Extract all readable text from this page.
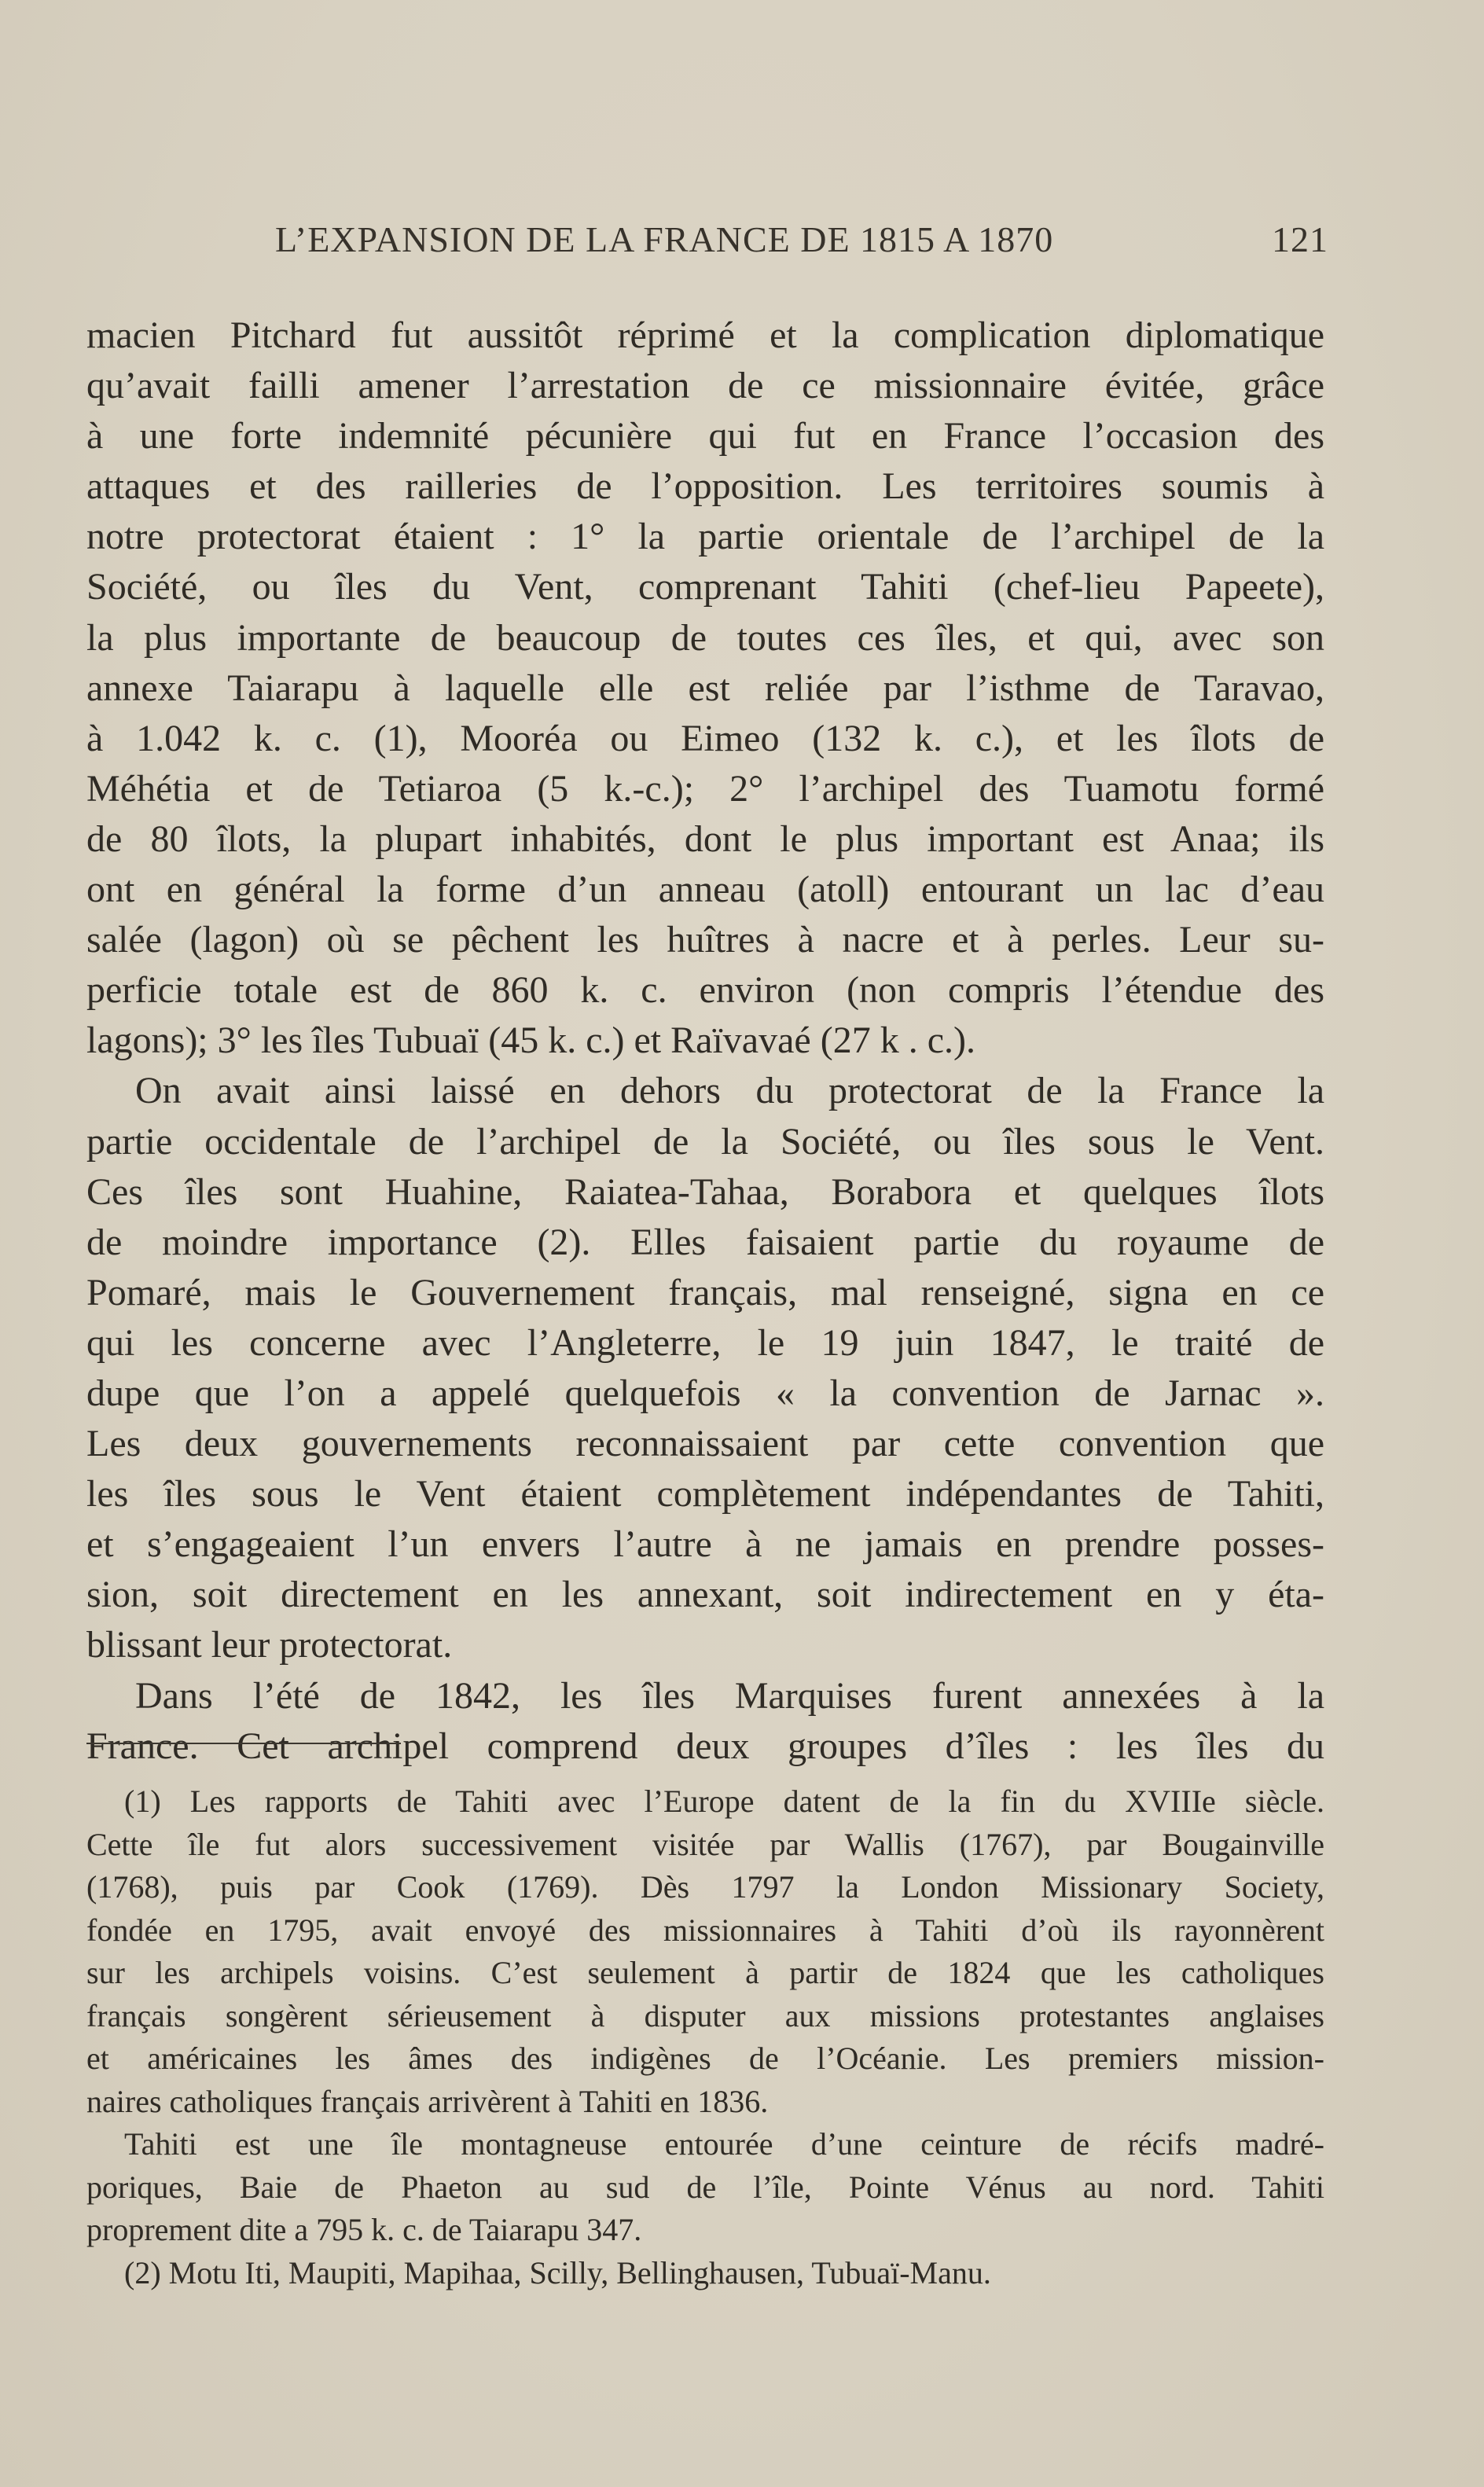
L’EXPANSION DE LA FRANCE DE 1815 A 1870	121
macien Pitchard fut aussitôt réprimé et la complication diplomatique
qu’avait failli amener l’arrestation de ce missionnaire évitée, grâce
à une forte indemnité pécunière qui fut en France l’occasion des
attaques et des railleries de l’opposition. Les territoires soumis à
notre protectorat étaient : 1° la partie orientale de l’archipel de la
Société, ou îles du Vent, comprenant Tahiti (chef-lieu Papeete),
la plus importante de beaucoup de toutes ces îles, et qui, avec son
annexe Taiarapu à laquelle elle est reliée par l’isthme de Taravao,
à 1.042 k. c. (1), Mooréa ou Eimeo (132 k. c.), et les îlots de
Méhétia et de Tetiaroa (5 k.-c.); 2° l’archipel des Tuamotu formé
de 80 îlots, la plupart inhabités, dont le plus important est Anaa; ils
ont en général la forme d’un anneau (atoll) entourant un lac d’eau
salée (lagon) où se pêchent les huîtres à nacre et à perles. Leur su-
perficie totale est de 860 k. c. environ (non compris l’étendue des
lagons); 3° les îles Tubuaï (45 k. c.) et Raïvavaé (27 k . c.).
On avait ainsi laissé en dehors du protectorat de la France la
partie occidentale de l’archipel de la Société, ou îles sous le Vent.
Ces îles sont Huahine, Raiatea-Tahaa, Borabora et quelques îlots
de moindre importance (2). Elles faisaient partie du royaume de
Pomaré, mais le Gouvernement français, mal renseigné, signa en ce
qui les concerne avec l’Angleterre, le 19 juin 1847, le traité de
dupe que l’on a appelé quelquefois « la convention de Jarnac ».
Les deux gouvernements reconnaissaient par cette convention que
les îles sous le Vent étaient complètement indépendantes de Tahiti,
et s’engageaient l’un envers l’autre à ne jamais en prendre posses-
sion, soit directement en les annexant, soit indirectement en y éta-
blissant leur protectorat.
Dans l’été de 1842, les îles Marquises furent annexées à la
France. Cet archipel comprend deux groupes d’îles : les îles du
(1) Les rapports de Tahiti avec l’Europe datent de la fin du XVIIIe siècle.
Cette île fut alors successivement visitée par Wallis (1767), par Bougainville
(1768), puis par Cook (1769). Dès 1797 la London Missionary Society,
fondée en 1795, avait envoyé des missionnaires à Tahiti d’où ils rayonnèrent
sur les archipels voisins. C’est seulement à partir de 1824 que les catholiques
français songèrent sérieusement à disputer aux missions protestantes anglaises
et américaines les âmes des indigènes de l’Océanie. Les premiers mission-
naires catholiques français arrivèrent à Tahiti en 1836.
Tahiti est une île montagneuse entourée d’une ceinture de récifs madré-
poriques, Baie de Phaeton au sud de l’île, Pointe Vénus au nord. Tahiti
proprement dite a 795 k. c. de Taiarapu 347.
(2) Motu Iti, Maupiti, Mapihaa, Scilly, Bellinghausen, Tubuaï-Manu.
